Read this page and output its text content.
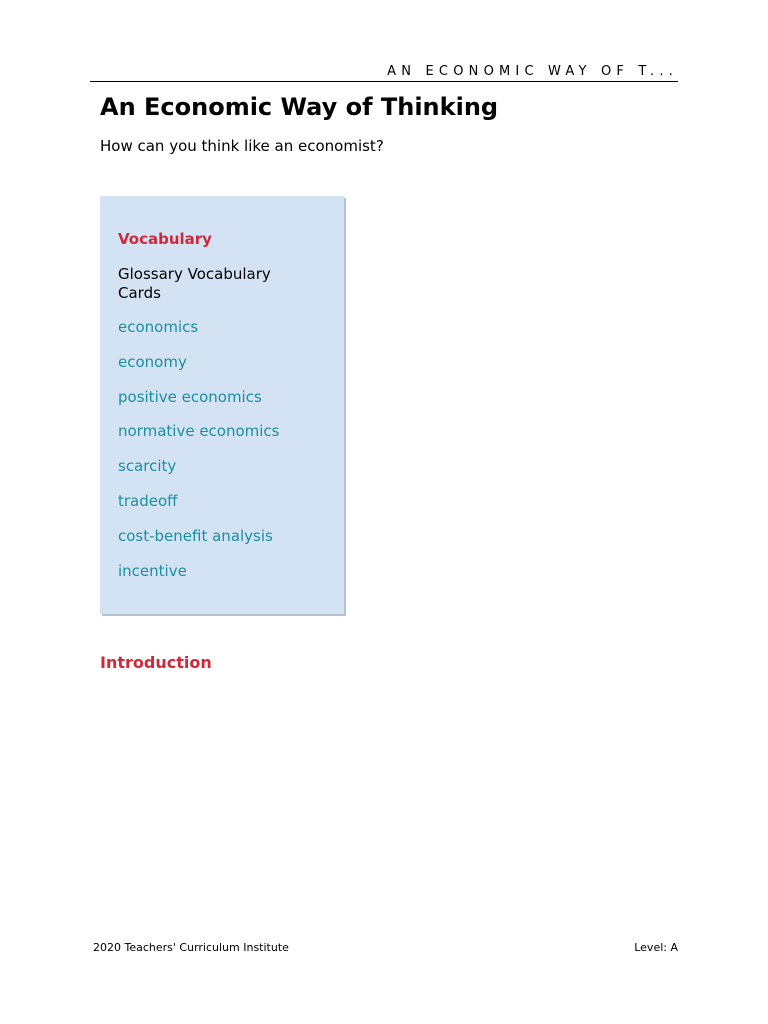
AN ECONOMIC WAY OF T...
An Economic Way of Thinking

How can you think like an economist?

Vocabulary
Glossary Vocabulary Cards
economics
economy
positive economics
normative economics
scarcity
tradeoff
cost-benefit analysis
incentive
Introduction
2020 Teachers' Curriculum Institute	Level: A
